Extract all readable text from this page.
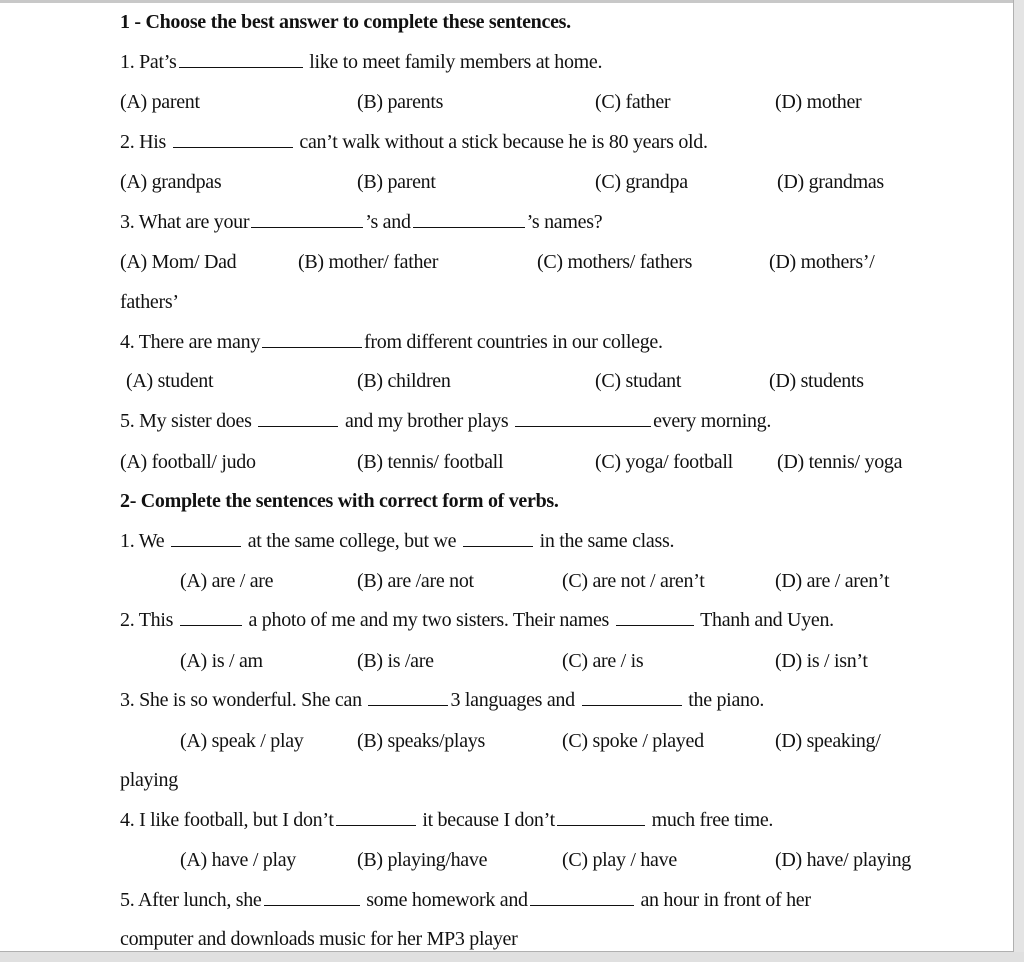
1 - Choose the best answer to complete these sentences.
1. Pat’s	like to meet family members at home.
(A) parent	(B) parents	(C) father	(D) mother
2. His	can’t walk without a stick because he is 80 years old.
(A) grandpas	(B) parent	(C) grandpa	(D) grandmas
3. What are your	’s and	’s names?
(A) Mom/ Dad	(B) mother/ father	(C) mothers/ fathers	(D) mothers’/
fathers’
4. There are many	from different countries in our college.
(A) student	(B) children	(C) studant	(D) students
5. My sister does	and my brother plays	every morning.
(A) football/ judo	(B) tennis/ football	(C) yoga/ football (D) tennis/ yoga
2- Complete the sentences with correct form of verbs.
1. We	at the same college, but we	in the same class.
(A) are / are	(B) are /are not	(C) are not / aren’t	(D) are / aren’t
2. This	a photo of me and my two sisters. Their names	Thanh and Uyen.
(A) is / am	(B) is /are	(C) are / is	(D) is / isn’t
3. She is so wonderful. She can	3 languages and	the piano.
(A) speak / play	(B) speaks/plays	(C) spoke / played	(D) speaking/
playing
4. I like football, but I don’t	it because I don’t	much free time.
(A) have / play	(B) playing/have	(C) play / have	(D) have/ playing
5. After lunch, she	some homework and	an hour in front of her
computer and downloads music for her MP3 player
